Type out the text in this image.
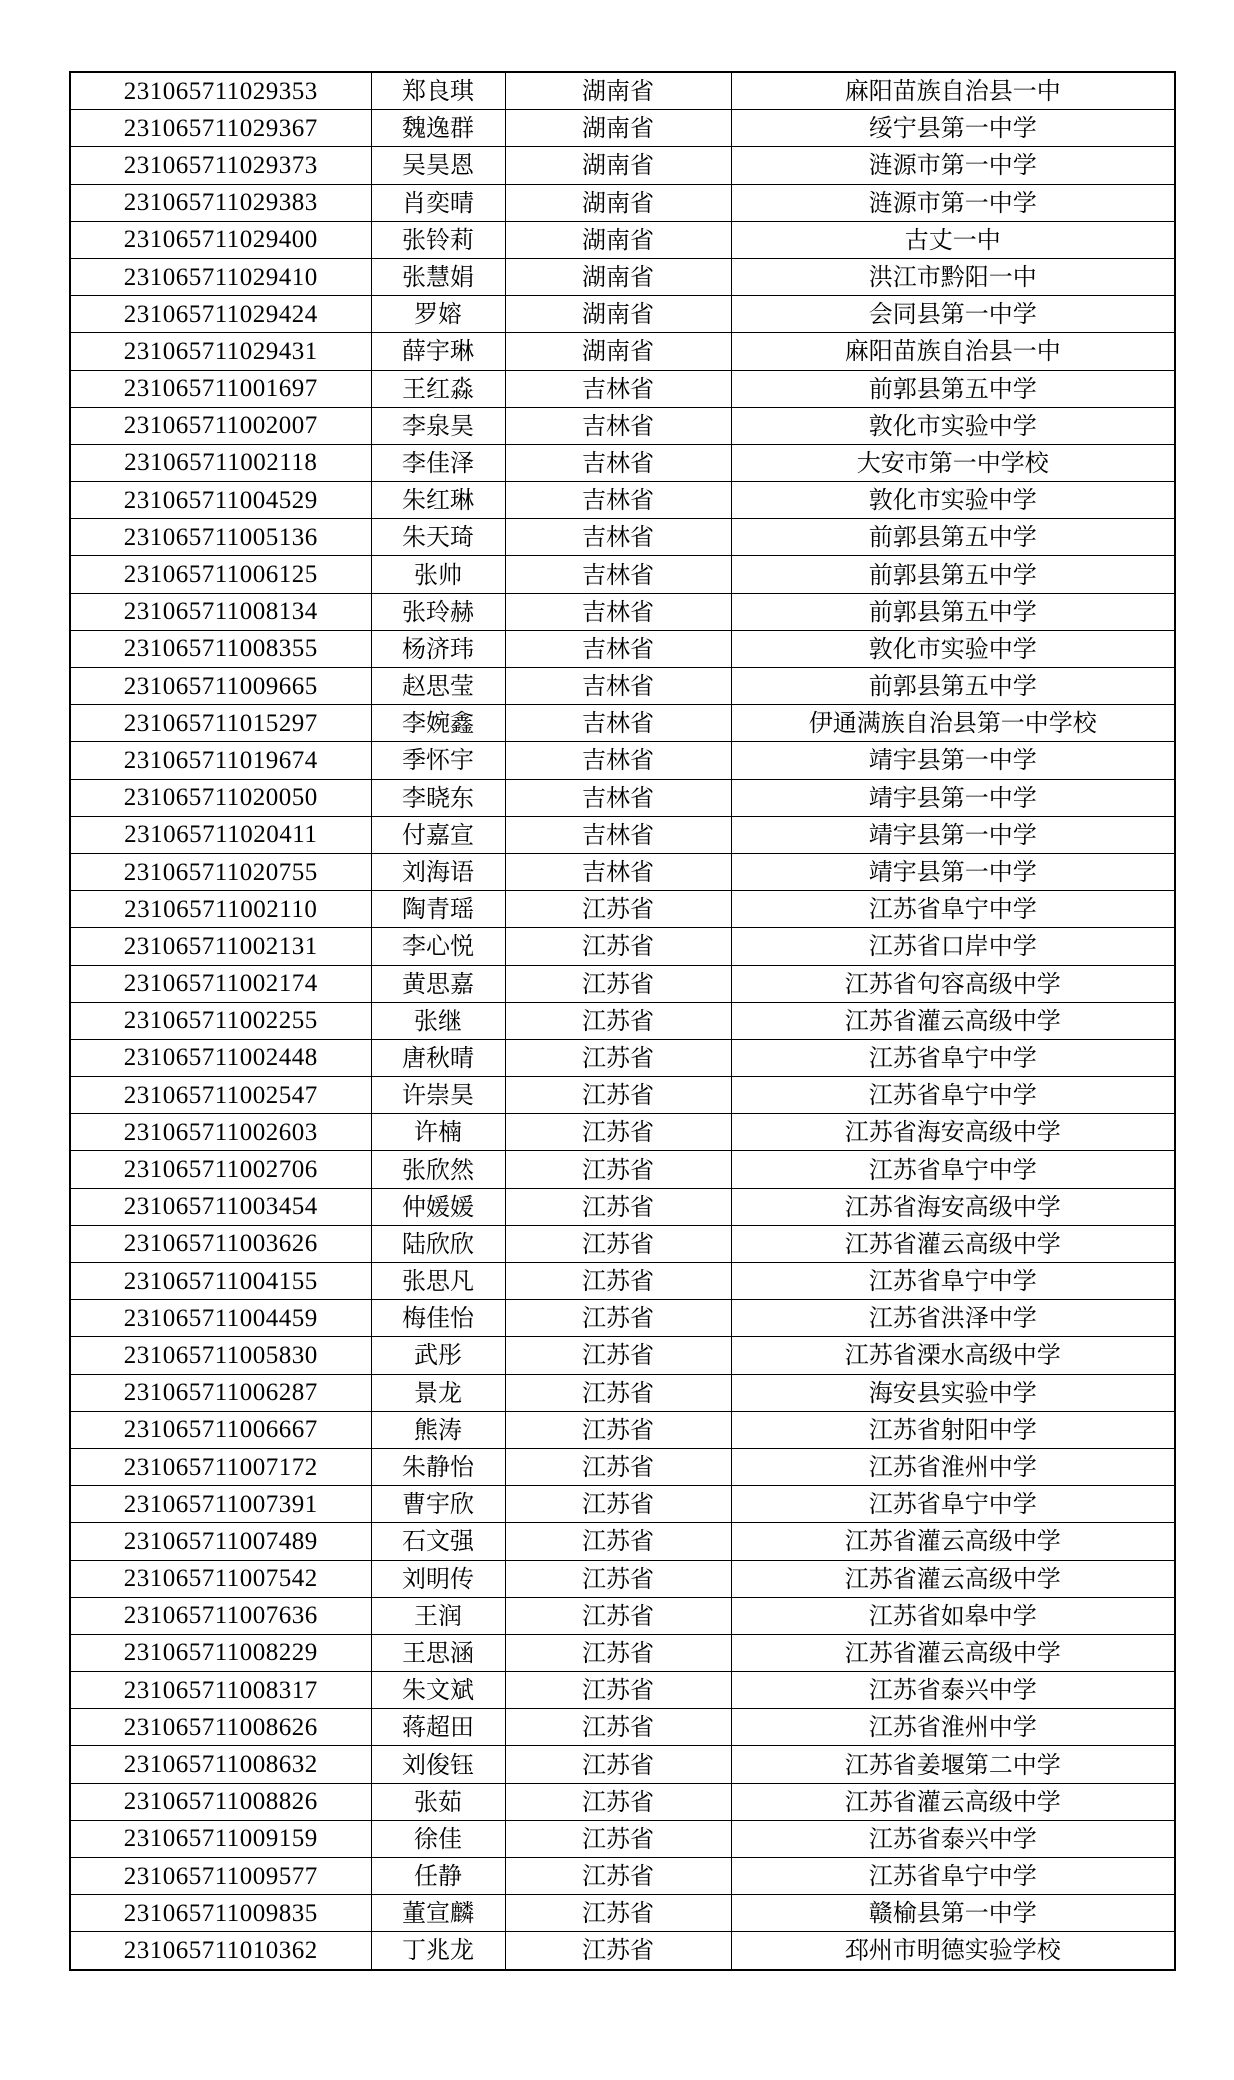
231065711029353	郑良琪	湖南省	麻阳苗族自治县一中
231065711029367	魏逸群	湖南省	绥宁县第一中学
231065711029373	吴昊恩	湖南省	涟源市第一中学
231065711029383	肖奕晴	湖南省	涟源市第一中学
231065711029400	张铃莉	湖南省	古丈一中
231065711029410	张慧娟	湖南省	洪江市黔阳一中
231065711029424	罗嫆	湖南省	会同县第一中学
231065711029431	薛宇琳	湖南省	麻阳苗族自治县一中
231065711001697	王红淼	吉林省	前郭县第五中学
231065711002007	李泉昊	吉林省	敦化市实验中学
231065711002118	李佳泽	吉林省	大安市第一中学校
231065711004529	朱红琳	吉林省	敦化市实验中学
231065711005136	朱天琦	吉林省	前郭县第五中学
231065711006125	张帅	吉林省	前郭县第五中学
231065711008134	张玲赫	吉林省	前郭县第五中学
231065711008355	杨济玮	吉林省	敦化市实验中学
231065711009665	赵思莹	吉林省	前郭县第五中学
231065711015297	李婉鑫	吉林省	伊通满族自治县第一中学校
231065711019674	季怀宇	吉林省	靖宇县第一中学
231065711020050	李晓东	吉林省	靖宇县第一中学
231065711020411	付嘉宣	吉林省	靖宇县第一中学
231065711020755	刘海语	吉林省	靖宇县第一中学
231065711002110	陶青瑶	江苏省	江苏省阜宁中学
231065711002131	李心悦	江苏省	江苏省口岸中学
231065711002174	黄思嘉	江苏省	江苏省句容高级中学
231065711002255	张继	江苏省	江苏省灌云高级中学
231065711002448	唐秋晴	江苏省	江苏省阜宁中学
231065711002547	许崇昊	江苏省	江苏省阜宁中学
231065711002603	许楠	江苏省	江苏省海安高级中学
231065711002706	张欣然	江苏省	江苏省阜宁中学
231065711003454	仲媛媛	江苏省	江苏省海安高级中学
231065711003626	陆欣欣	江苏省	江苏省灌云高级中学
231065711004155	张思凡	江苏省	江苏省阜宁中学
231065711004459	梅佳怡	江苏省	江苏省洪泽中学
231065711005830	武彤	江苏省	江苏省溧水高级中学
231065711006287	景龙	江苏省	海安县实验中学
231065711006667	熊涛	江苏省	江苏省射阳中学
231065711007172	朱静怡	江苏省	江苏省淮州中学
231065711007391	曹宇欣	江苏省	江苏省阜宁中学
231065711007489	石文强	江苏省	江苏省灌云高级中学
231065711007542	刘明传	江苏省	江苏省灌云高级中学
231065711007636	王润	江苏省	江苏省如皋中学
231065711008229	王思涵	江苏省	江苏省灌云高级中学
231065711008317	朱文斌	江苏省	江苏省泰兴中学
231065711008626	蒋超田	江苏省	江苏省淮州中学
231065711008632	刘俊钰	江苏省	江苏省姜堰第二中学
231065711008826	张茹	江苏省	江苏省灌云高级中学
231065711009159	徐佳	江苏省	江苏省泰兴中学
231065711009577	任静	江苏省	江苏省阜宁中学
231065711009835	董宣麟	江苏省	赣榆县第一中学
231065711010362	丁兆龙	江苏省	邳州市明德实验学校
